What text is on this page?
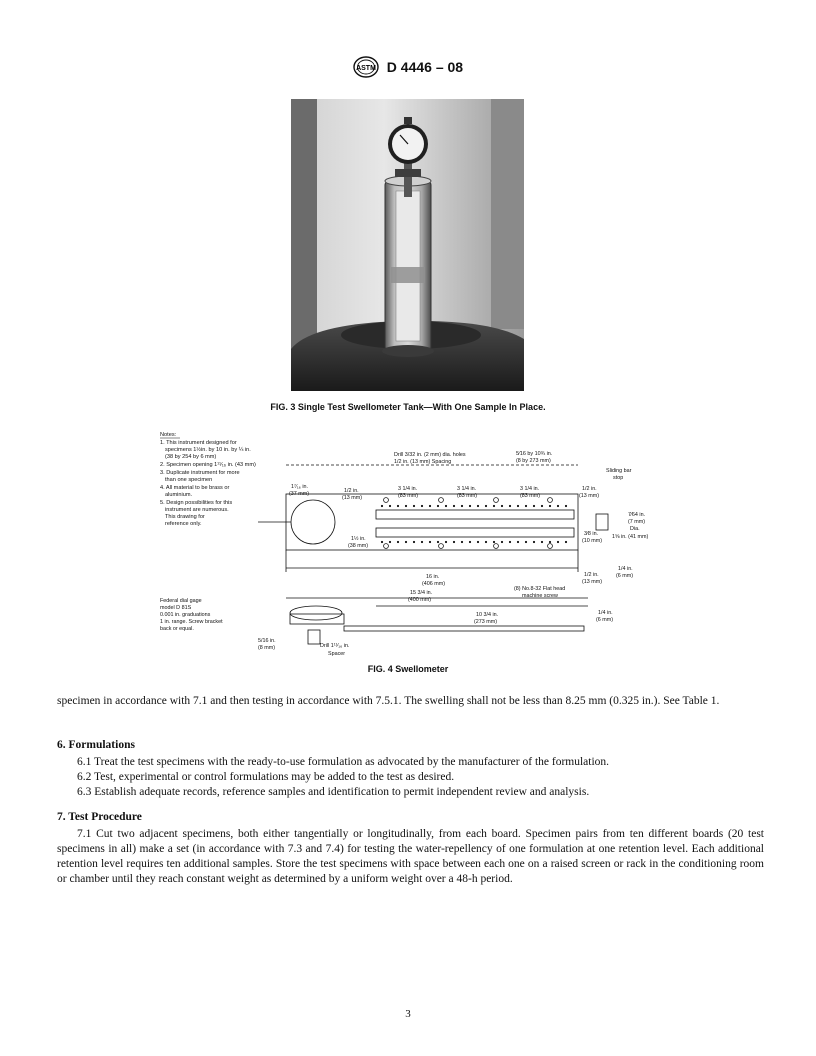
ASTM D 4446 – 08
FIG. 3 Single Test Swellometer Tank—With One Sample In Place.
Notes:
1. This instrument designed for
specimens 1½in. by 10 in. by ¼ in.
(38 by 254 by 6 mm)
2. Specimen opening 1¹¹⁄₁₆ in. (43 mm)
3. Duplicate instrument for more
than one specimen
4. All material to be brass or
aluminium.
5. Design possibilities for this
instrument are numerous.
This drawing for
reference only.
Drill 3/32 in. (2 mm) dia. holes
1/2 in. (13 mm) Spacing
5⁄16 by 10¾ in.
(8 by 273 mm)
Sliding bar
stop
1⁷⁄₁₆ in.
(37 mm)	1/2 in.
(13 mm)
3 1/4 in.
(83 mm)
3 1/4 in.
(83 mm)
3 1/4 in.
(83 mm)
1/2 in.
(13 mm)
1½ in.
(38 mm)
3⁄8 in.
(10 mm)
7⁄64 in.
(7 mm)
Dia.
1⅝ in. (41 mm)
16 in.
(406 mm)
1/2 in.
(13 mm)
1/4 in.
(6 mm)
(8) No.8-32 Flat head
machine screw
Federal dial gage
model D 81S
0.001 in. graduations
1 in. range. Screw bracket
back or equal.
15 3/4 in.
(400 mm)
10 3/4 in.
(273 mm)
1/4 in.
(6 mm)
5/16 in.
(8 mm)	Drill 1¹¹⁄₁₆ in.
Spacer
FIG. 4 Swellometer

specimen in accordance with 7.1 and then testing in accordance with 7.5.1. The swelling shall not be less than 8.25 mm (0.325 in.). See Table 1.

6. Formulations

6.1 Treat the test specimens with the ready-to-use formulation as advocated by the manufacturer of the formulation.

6.2 Test, experimental or control formulations may be added to the test as desired.

6.3 Establish adequate records, reference samples and identification to permit independent review and analysis.

7. Test Procedure

7.1 Cut two adjacent specimens, both either tangentially or longitudinally, from each board. Specimen pairs from ten different boards (20 test specimens in all) make a set (in accordance with 7.3 and 7.4) for testing the water-repellency of one formulation at one retention level. Each additional retention level requires ten additional samples. Store the test specimens with space between each one on a raised screen or rack in the conditioning room or chamber until they reach constant weight as determined by a uniform weight over a 48-h period.

3
